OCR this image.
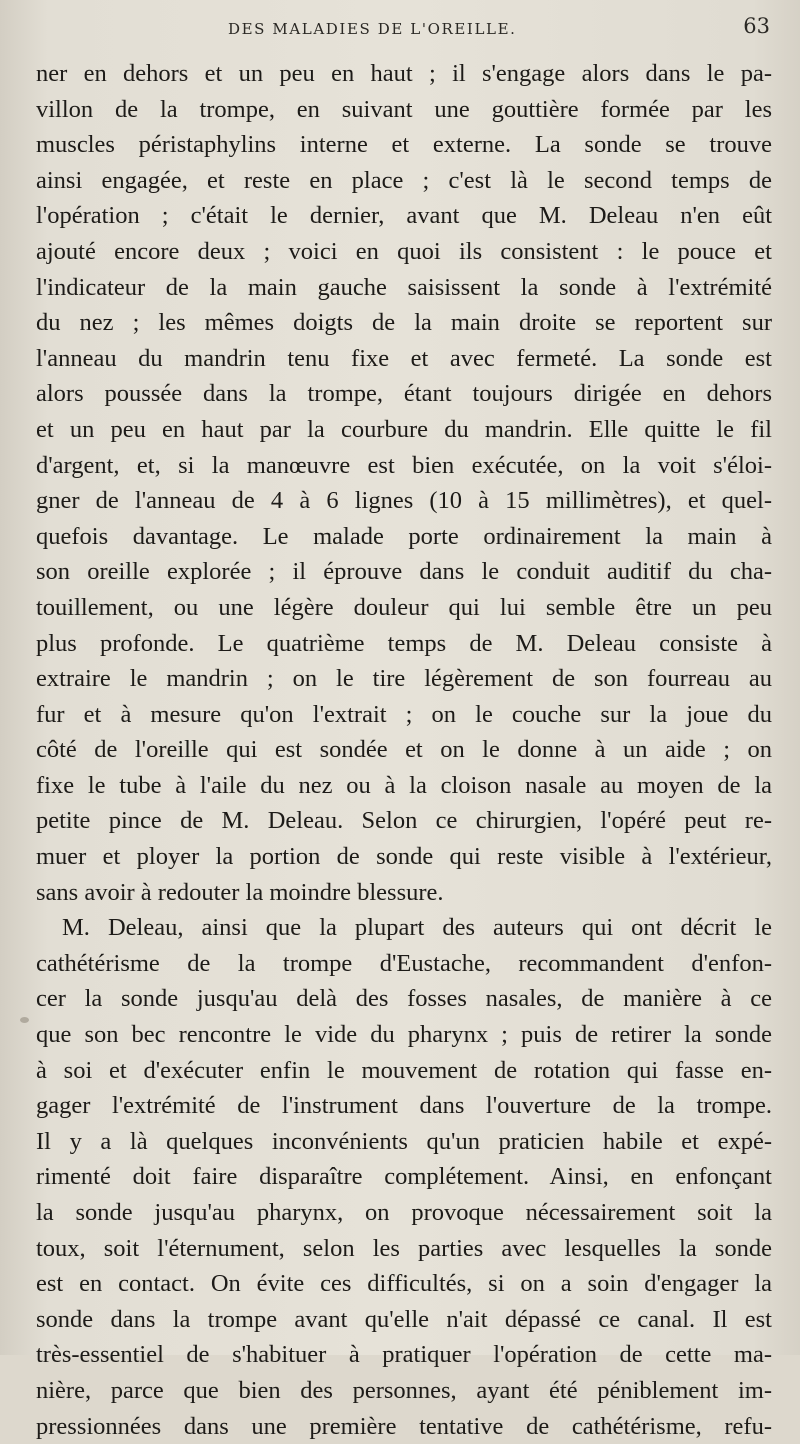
DES MALADIES DE L'OREILLE.	63
ner en dehors et un peu en haut ; il s'engage alors dans le pa-
villon de la trompe, en suivant une gouttière formée par les
muscles péristaphylins interne et externe. La sonde se trouve
ainsi engagée, et reste en place ; c'est là le second temps de
l'opération ; c'était le dernier, avant que M. Deleau n'en eût
ajouté encore deux ; voici en quoi ils consistent : le pouce et
l'indicateur de la main gauche saisissent la sonde à l'extrémité
du nez ; les mêmes doigts de la main droite se reportent sur
l'anneau du mandrin tenu fixe et avec fermeté. La sonde est
alors poussée dans la trompe, étant toujours dirigée en dehors
et un peu en haut par la courbure du mandrin. Elle quitte le fil
d'argent, et, si la manœuvre est bien exécutée, on la voit s'éloi-
gner de l'anneau de 4 à 6 lignes (10 à 15 millimètres), et quel-
quefois davantage. Le malade porte ordinairement la main à
son oreille explorée ; il éprouve dans le conduit auditif du cha-
touillement, ou une légère douleur qui lui semble être un peu
plus profonde. Le quatrième temps de M. Deleau consiste à
extraire le mandrin ; on le tire légèrement de son fourreau au
fur et à mesure qu'on l'extrait ; on le couche sur la joue du
côté de l'oreille qui est sondée et on le donne à un aide ; on
fixe le tube à l'aile du nez ou à la cloison nasale au moyen de la
petite pince de M. Deleau. Selon ce chirurgien, l'opéré peut re-
muer et ployer la portion de sonde qui reste visible à l'extérieur,
sans avoir à redouter la moindre blessure.
M. Deleau, ainsi que la plupart des auteurs qui ont décrit le
cathétérisme de la trompe d'Eustache, recommandent d'enfon-
cer la sonde jusqu'au delà des fosses nasales, de manière à ce
que son bec rencontre le vide du pharynx ; puis de retirer la sonde
à soi et d'exécuter enfin le mouvement de rotation qui fasse en-
gager l'extrémité de l'instrument dans l'ouverture de la trompe.
Il y a là quelques inconvénients qu'un praticien habile et expé-
rimenté doit faire disparaître complétement. Ainsi, en enfonçant
la sonde jusqu'au pharynx, on provoque nécessairement soit la
toux, soit l'éternument, selon les parties avec lesquelles la sonde
est en contact. On évite ces difficultés, si on a soin d'engager la
sonde dans la trompe avant qu'elle n'ait dépassé ce canal. Il est
très-essentiel de s'habituer à pratiquer l'opération de cette ma-
nière, parce que bien des personnes, ayant été péniblement im-
pressionnées dans une première tentative de cathétérisme, refu-
